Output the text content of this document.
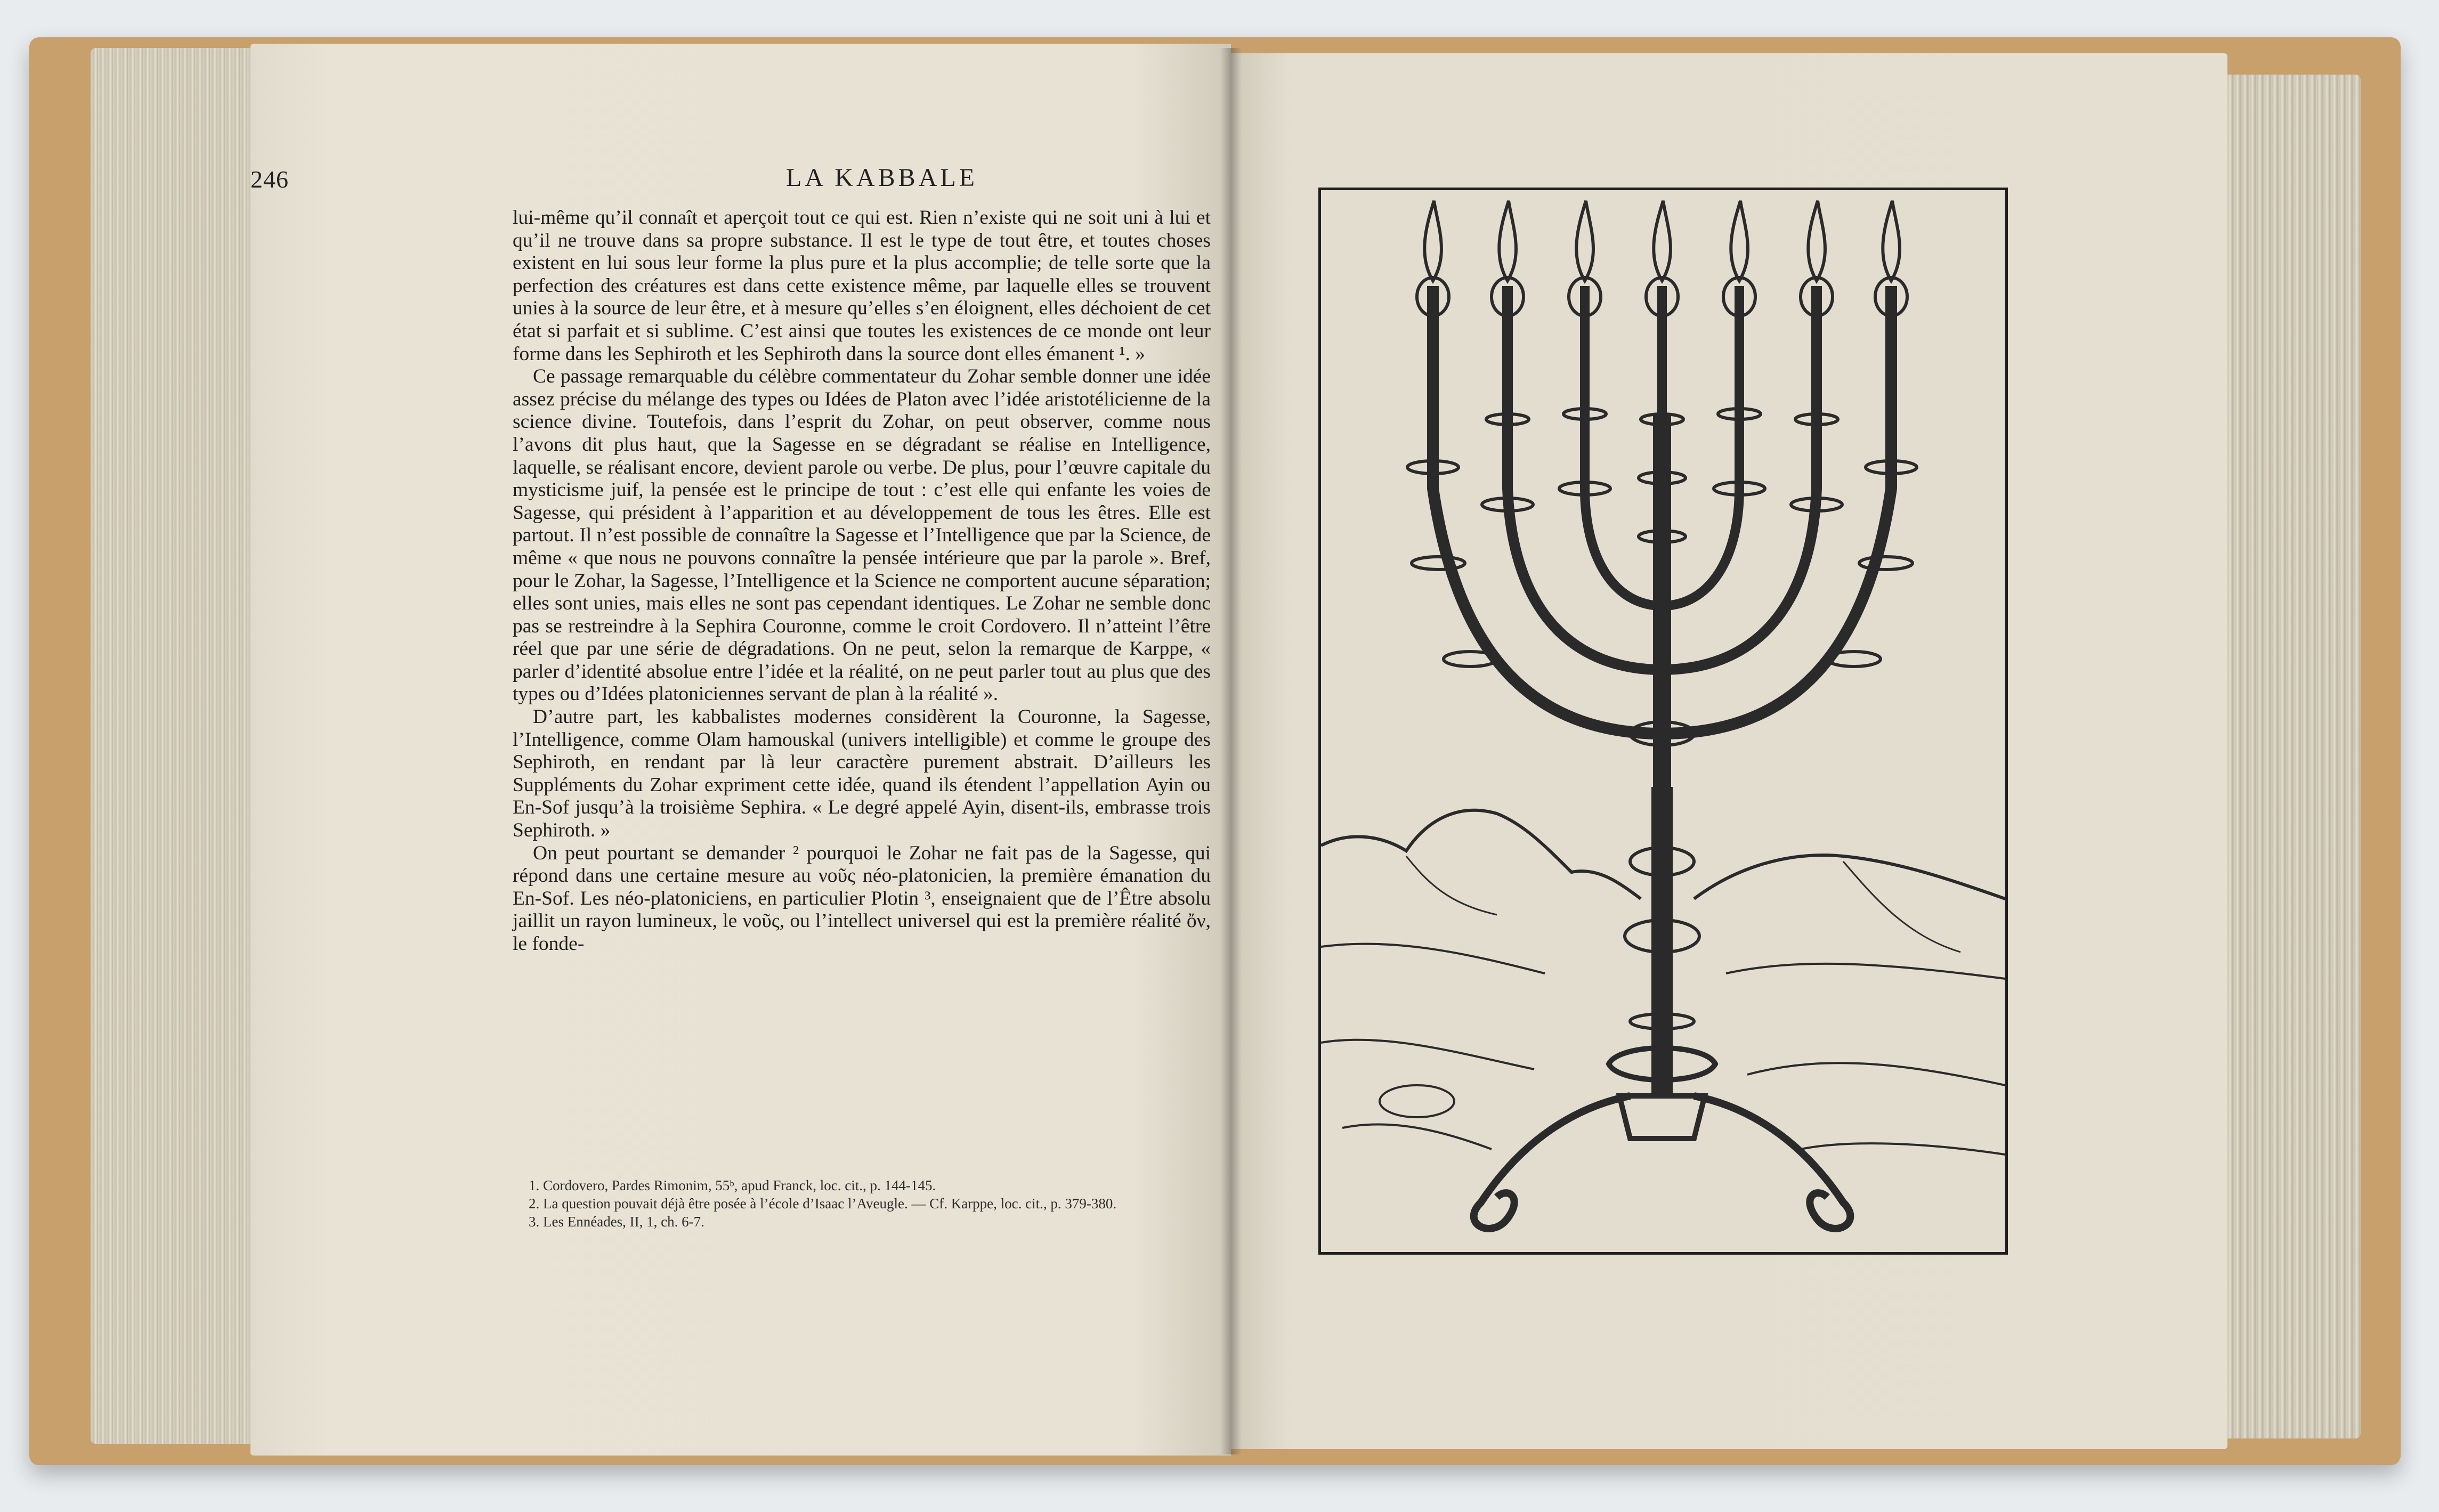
246	LA KABBALE

lui-même qu’il connaît et aperçoit tout ce qui est. Rien n’existe qui ne soit uni à lui et qu’il ne trouve dans sa propre substance. Il est le type de tout être, et toutes choses existent en lui sous leur forme la plus pure et la plus accomplie; de telle sorte que la perfection des créatures est dans cette existence même, par laquelle elles se trouvent unies à la source de leur être, et à mesure qu’elles s’en éloignent, elles déchoient de cet état si parfait et si sublime. C’est ainsi que toutes les existences de ce monde ont leur forme dans les Sephiroth et les Sephiroth dans la source dont elles émanent ¹. »

Ce passage remarquable du célèbre commentateur du Zohar semble donner une idée assez précise du mélange des types ou Idées de Platon avec l’idée aristotélicienne de la science divine. Toutefois, dans l’esprit du Zohar, on peut observer, comme nous l’avons dit plus haut, que la Sagesse en se dégradant se réalise en Intelligence, laquelle, se réalisant encore, devient parole ou verbe. De plus, pour l’œuvre capitale du mysticisme juif, la pensée est le principe de tout : c’est elle qui enfante les voies de Sagesse, qui président à l’apparition et au développement de tous les êtres. Elle est partout. Il n’est possible de connaître la Sagesse et l’Intelligence que par la Science, de même « que nous ne pouvons connaître la pensée intérieure que par la parole ». Bref, pour le Zohar, la Sagesse, l’Intelligence et la Science ne comportent aucune séparation; elles sont unies, mais elles ne sont pas cependant identiques. Le Zohar ne semble donc pas se restreindre à la Sephira Couronne, comme le croit Cordovero. Il n’atteint l’être réel que par une série de dégradations. On ne peut, selon la remarque de Karppe, « parler d’identité absolue entre l’idée et la réalité, on ne peut parler tout au plus que des types ou d’Idées platoniciennes servant de plan à la réalité ».

D’autre part, les kabbalistes modernes considèrent la Couronne, la Sagesse, l’Intelligence, comme Olam hamouskal (univers intelligible) et comme le groupe des Sephiroth, en rendant par là leur caractère purement abstrait. D’ailleurs les Suppléments du Zohar expriment cette idée, quand ils étendent l’appellation Ayin ou En-Sof jusqu’à la troisième Sephira. « Le degré appelé Ayin, disent-ils, embrasse trois Sephiroth. »

On peut pourtant se demander ² pourquoi le Zohar ne fait pas de la Sagesse, qui répond dans une certaine mesure au νοῦς néo-platonicien, la première émanation du En-Sof. Les néo-platoniciens, en particulier Plotin ³, enseignaient que de l’Être absolu jaillit un rayon lumineux, le νοῦς, ou l’intellect universel qui est la première réalité ὄν, le fonde-

1. Cordovero, Pardes Rimonim, 55ᵇ, apud Franck, loc. cit., p. 144-145.
2. La question pouvait déjà être posée à l’école d’Isaac l’Aveugle. — Cf. Karppe, loc. cit., p. 379-380.
3. Les Ennéades, II, 1, ch. 6-7.
